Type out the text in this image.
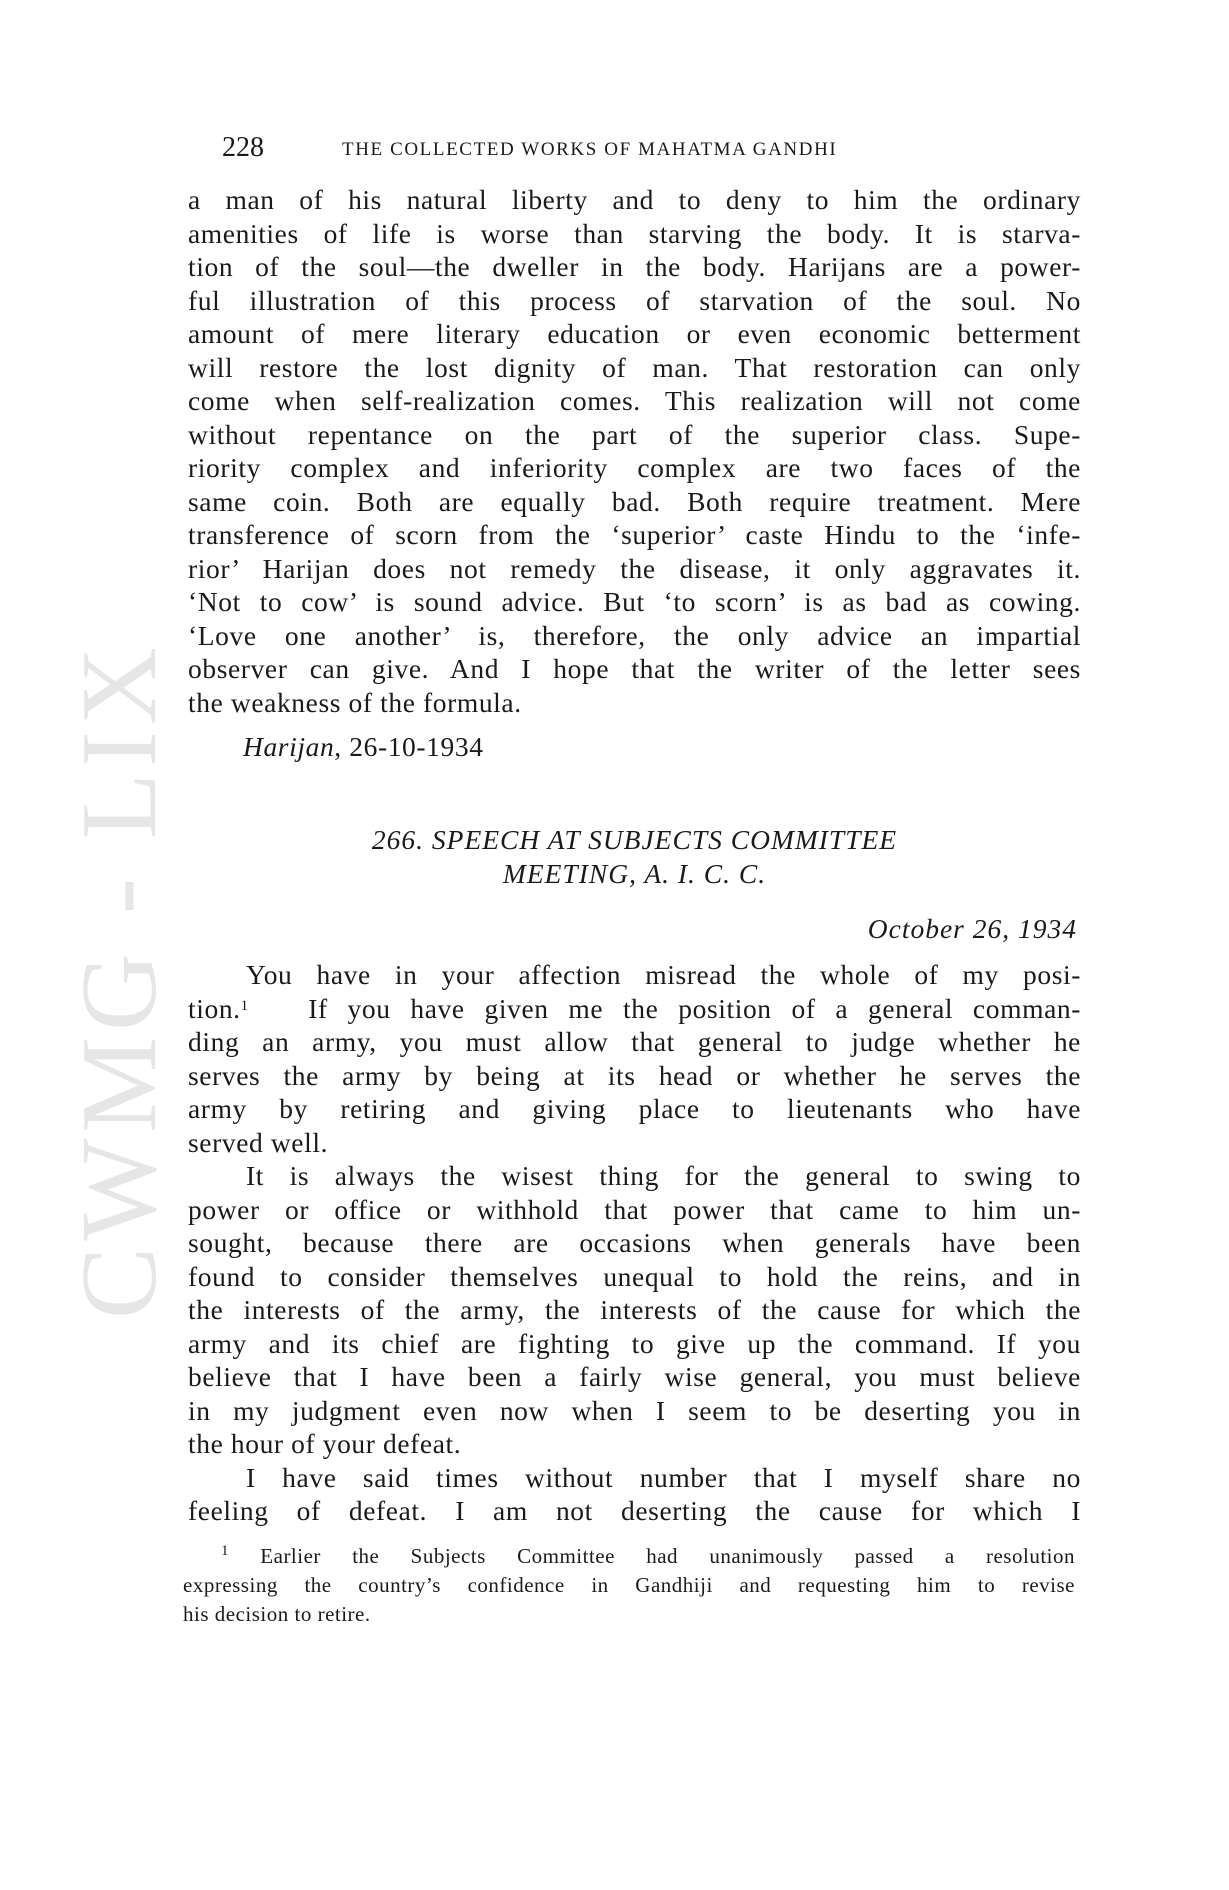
CWMG - LIX
228	THE COLLECTED WORKS OF MAHATMA GANDHI
a man of his natural liberty and to deny to him the ordinary
amenities of life is worse than starving the body. It is starva-
tion of the soul—the dweller in the body. Harijans are a power-
ful illustration of this process of starvation of the soul. No
amount of mere literary education or even economic betterment
will restore the lost dignity of man. That restoration can only
come when self-realization comes. This realization will not come
without repentance on the part of the superior class. Supe-
riority complex and inferiority complex are two faces of the
same coin. Both are equally bad. Both require treatment. Mere
transference of scorn from the ‘superior’ caste Hindu to the ‘infe-
rior’ Harijan does not remedy the disease, it only aggravates it.
‘Not to cow’ is sound advice. But ‘to scorn’ is as bad as cowing.
‘Love one another’ is, therefore, the only advice an impartial
observer can give. And I hope that the writer of the letter sees
the weakness of the formula.
Harijan, 26-10-1934
266. SPEECH AT SUBJECTS COMMITTEE
MEETING, A. I. C. C.
October 26, 1934
You have in your affection misread the whole of my posi-
tion.$^1$ If you have given me the position of a general comman-
ding an army, you must allow that general to judge whether he
serves the army by being at its head or whether he serves the
army by retiring and giving place to lieutenants who have
served well.
It is always the wisest thing for the general to swing to
power or office or withhold that power that came to him un-
sought, because there are occasions when generals have been
found to consider themselves unequal to hold the reins, and in
the interests of the army, the interests of the cause for which the
army and its chief are fighting to give up the command. If you
believe that I have been a fairly wise general, you must believe
in my judgment even now when I seem to be deserting you in
the hour of your defeat.
I have said times without number that I myself share no
feeling of defeat. I am not deserting the cause for which I
$^1$ Earlier the Subjects Committee had unanimously passed a resolution
expressing the country’s confidence in Gandhiji and requesting him to revise
his decision to retire.
